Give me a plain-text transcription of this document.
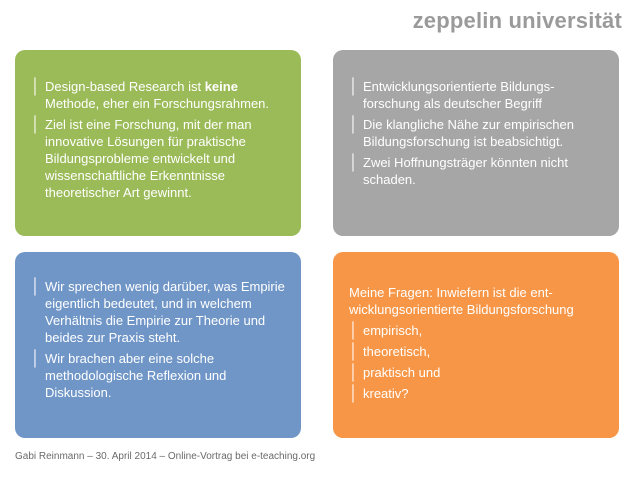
zeppelin universität
│ Design-based Research ist keine Methode, eher ein Forschungsrahmen.
│ Ziel ist eine Forschung, mit der man innovative Lösungen für praktische Bildungsprobleme entwickelt und wissenschaftliche Erkenntnisse theoretischer Art gewinnt.
│ Entwicklungsorientierte Bildungs-forschung als deutscher Begriff
│ Die klangliche Nähe zur empirischen Bildungsforschung ist beabsichtigt.
│ Zwei Hoffnungsträger könnten nicht schaden.
│ Wir sprechen wenig darüber, was Empirie eigentlich bedeutet, und in welchem Verhältnis die Empirie zur Theorie und beides zur Praxis steht.
│ Wir brachen aber eine solche methodologische Reflexion und Diskussion.

Meine Fragen: Inwiefern ist die ent-wicklungsorientierte Bildungsforschung

│ empirisch,
│ theoretisch,
│ praktisch und
│ kreativ?
Gabi Reinmann – 30. April 2014 – Online-Vortrag bei e-teaching.org
